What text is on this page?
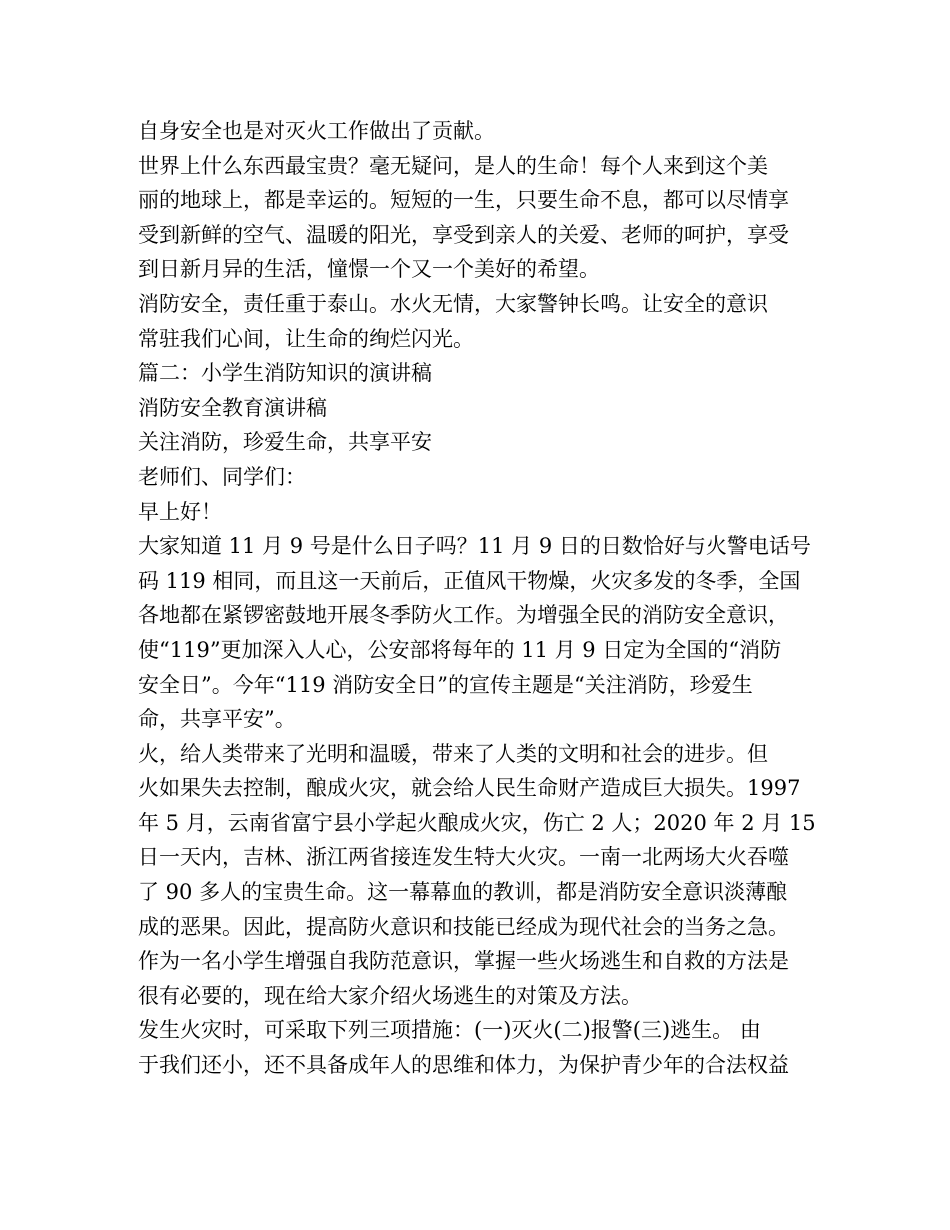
自身安全也是对灭火工作做出了贡献。
世界上什么东西最宝贵？毫无疑问，是人的生命！每个人来到这个美
丽的地球上，都是幸运的。短短的一生，只要生命不息，都可以尽情享
受到新鲜的空气、温暖的阳光，享受到亲人的关爱、老师的呵护，享受
到日新月异的生活，憧憬一个又一个美好的希望。
消防安全，责任重于泰山。水火无情，大家警钟长鸣。让安全的意识
常驻我们心间，让生命的绚烂闪光。
篇二：小学生消防知识的演讲稿
消防安全教育演讲稿
关注消防，珍爱生命，共享平安
老师们、同学们：
早上好！
大家知道 11 月 9 号是什么日子吗？11 月 9 日的日数恰好与火警电话号
码 119 相同，而且这一天前后，正值风干物燥，火灾多发的冬季，全国
各地都在紧锣密鼓地开展冬季防火工作。为增强全民的消防安全意识，
使“119”更加深入人心，公安部将每年的 11 月 9 日定为全国的“消防
安全日”。今年“119 消防安全日”的宣传主题是“关注消防，珍爱生
命，共享平安”。
火，给人类带来了光明和温暖，带来了人类的文明和社会的进步。但
火如果失去控制，酿成火灾，就会给人民生命财产造成巨大损失。1997
年 5 月，云南省富宁县小学起火酿成火灾，伤亡 2 人；2020 年 2 月 15
日一天内，吉林、浙江两省接连发生特大火灾。一南一北两场大火吞噬
了 90 多人的宝贵生命。这一幕幕血的教训，都是消防安全意识淡薄酿
成的恶果。因此，提高防火意识和技能已经成为现代社会的当务之急。
作为一名小学生增强自我防范意识，掌握一些火场逃生和自救的方法是
很有必要的，现在给大家介绍火场逃生的对策及方法。
发生火灾时，可采取下列三项措施：(一)灭火(二)报警(三)逃生。 由
于我们还小，还不具备成年人的思维和体力，为保护青少年的合法权益
